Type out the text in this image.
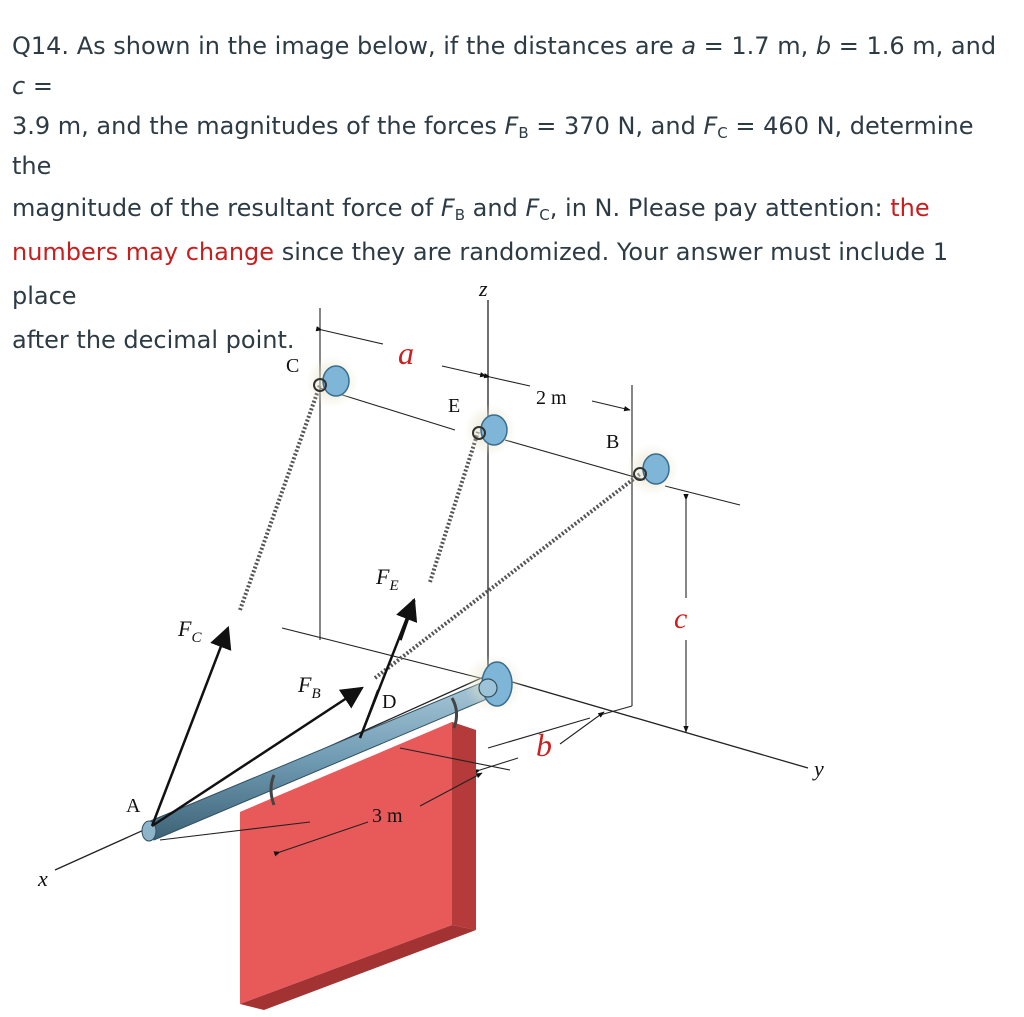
Q14. As shown in the image below, if the distances are a = 1.7 m, b = 1.6 m, and c =
3.9 m, and the magnitudes of the forces $F_B = 370$ N, and $F_C = 460$ N, determine the
magnitude of the resultant force of $F_B$ and $F_C$, in N. Please pay attention: the
numbers may change since they are randomized. Your answer must include 1 place
after the decimal point.
z
x
y
A
B
C
D
E	2 m
3 m
$F_C$
$F_B$
$F_E$
a
b
c
